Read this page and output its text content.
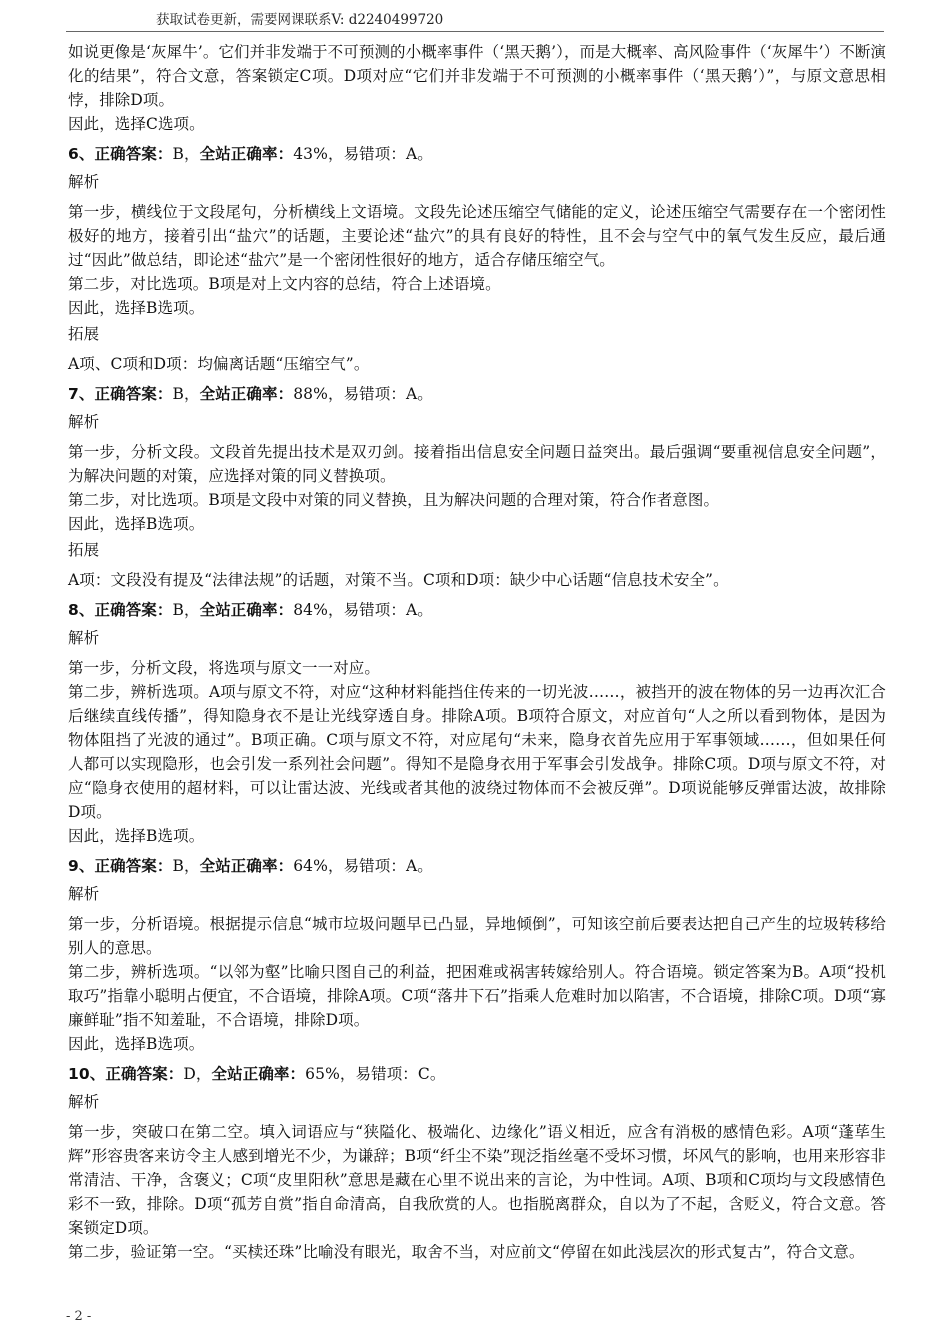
获取试卷更新，需要网课联系V: d2240499720

如说更像是‘灰犀牛’。它们并非发端于不可预测的小概率事件（‘黑天鹅’），而是大概率、高风险事件（‘灰犀牛’）不断演化的结果”，符合文意，答案锁定C项。D项对应“它们并非发端于不可预测的小概率事件（‘黑天鹅’）”，与原文意思相悖，排除D项。

因此，选择C选项。

6、正确答案：B，全站正确率：43%，易错项：A。

解析

第一步，横线位于文段尾句，分析横线上文语境。文段先论述压缩空气储能的定义，论述压缩空气需要存在一个密闭性极好的地方，接着引出“盐穴”的话题，主要论述“盐穴”的具有良好的特性，且不会与空气中的氧气发生反应，最后通过“因此”做总结，即论述“盐穴”是一个密闭性很好的地方，适合存储压缩空气。

第二步，对比选项。B项是对上文内容的总结，符合上述语境。

因此，选择B选项。

拓展

A项、C项和D项：均偏离话题“压缩空气”。

7、正确答案：B，全站正确率：88%，易错项：A。

解析

第一步，分析文段。文段首先提出技术是双刃剑。接着指出信息安全问题日益突出。最后强调“要重视信息安全问题”，为解决问题的对策，应选择对策的同义替换项。

第二步，对比选项。B项是文段中对策的同义替换，且为解决问题的合理对策，符合作者意图。

因此，选择B选项。

拓展

A项：文段没有提及“法律法规”的话题，对策不当。C项和D项：缺少中心话题“信息技术安全”。

8、正确答案：B，全站正确率：84%，易错项：A。

解析

第一步，分析文段，将选项与原文一一对应。

第二步，辨析选项。A项与原文不符，对应“这种材料能挡住传来的一切光波……，被挡开的波在物体的另一边再次汇合后继续直线传播”，得知隐身衣不是让光线穿透自身。排除A项。B项符合原文，对应首句“人之所以看到物体，是因为物体阻挡了光波的通过”。B项正确。C项与原文不符，对应尾句“未来，隐身衣首先应用于军事领域……，但如果任何人都可以实现隐形，也会引发一系列社会问题”。得知不是隐身衣用于军事会引发战争。排除C项。D项与原文不符，对应“隐身衣使用的超材料，可以让雷达波、光线或者其他的波绕过物体而不会被反弹”。D项说能够反弹雷达波，故排除D项。

因此，选择B选项。

9、正确答案：B，全站正确率：64%，易错项：A。

解析

第一步，分析语境。根据提示信息“城市垃圾问题早已凸显，异地倾倒”，可知该空前后要表达把自己产生的垃圾转移给别人的意思。

第二步，辨析选项。“以邻为壑”比喻只图自己的利益，把困难或祸害转嫁给别人。符合语境。锁定答案为B。A项“投机取巧”指靠小聪明占便宜，不合语境，排除A项。C项“落井下石”指乘人危难时加以陷害，不合语境，排除C项。D项“寡廉鲜耻”指不知羞耻，不合语境，排除D项。

因此，选择B选项。

10、正确答案：D，全站正确率：65%，易错项：C。

解析

第一步，突破口在第二空。填入词语应与“狭隘化、极端化、边缘化”语义相近，应含有消极的感情色彩。A项“蓬荜生辉”形容贵客来访令主人感到增光不少，为谦辞；B项“纤尘不染”现泛指丝毫不受坏习惯，坏风气的影响，也用来形容非常清洁、干净，含褒义；C项“皮里阳秋”意思是藏在心里不说出来的言论，为中性词。A项、B项和C项均与文段感情色彩不一致，排除。D项“孤芳自赏”指自命清高，自我欣赏的人。也指脱离群众，自以为了不起，含贬义，符合文意。答案锁定D项。

第二步，验证第一空。“买椟还珠”比喻没有眼光，取舍不当，对应前文“停留在如此浅层次的形式复古”，符合文意。

- 2 -
